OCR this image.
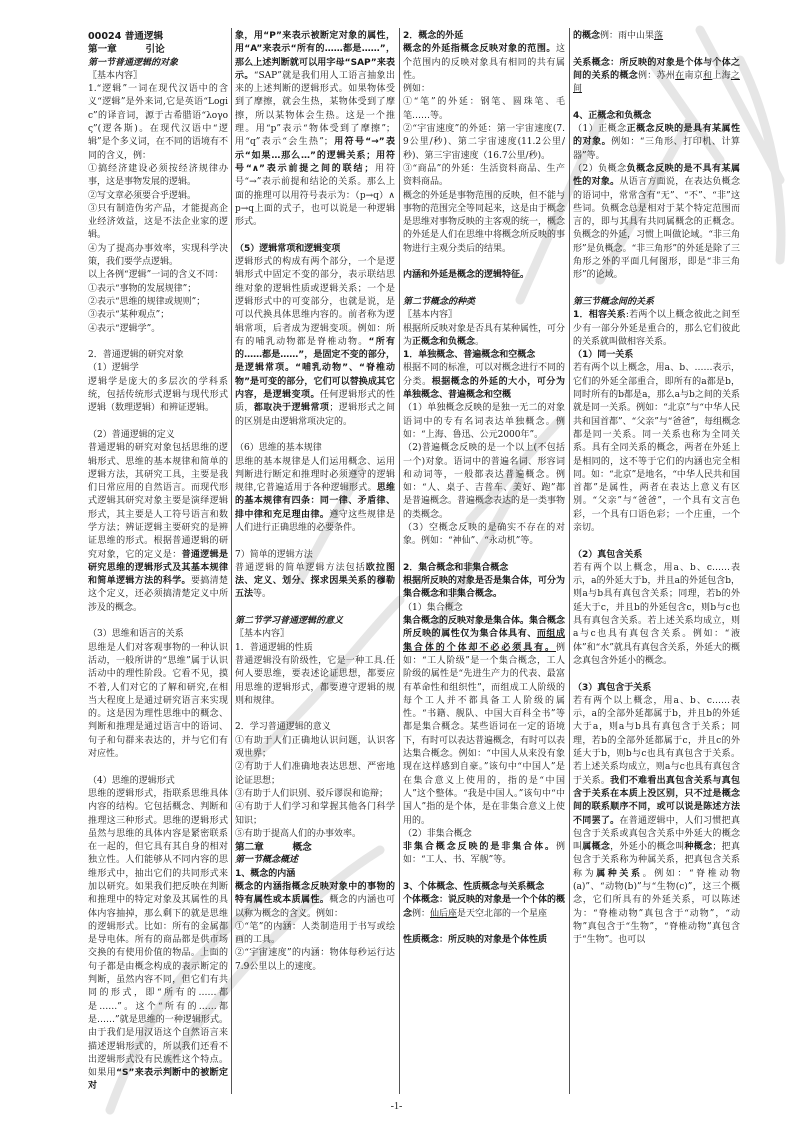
00024 普通逻辑
第一章　　　引论
第一节普通逻辑的对象
〖基本内容〗
1.“逻辑”一词在现代汉语中的含义“逻辑”是外来词,它是英语“Logic”的译音词，源于古希腊语“λογος”(逻各斯)。在现代汉语中“逻辑”是个多义词，在不同的语境有不同的含义，例：
①搞经济建设必须按经济规律办事，这是事物发展的逻辑。
②写文章必须要合乎逻辑。
③只有制造伪劣产品，才能提高企业经济效益，这是不法企业家的逻辑。
④为了提高办事效率，实现科学决策，我们要学点逻辑。
以上各例“逻辑”一词的含义不同：
①表示“事物的发展规律”；
②表示“思维的规律或规则”；
③表示“某种观点”；
④表示“逻辑学”。
2．普通逻辑的研究对象
（1）逻辑学
逻辑学是庞大的多层次的学科系统，包括传统形式逻辑与现代形式逻辑（数理逻辑）和辨证逻辑。
（2）普通逻辑的定义
普通逻辑的研究对象包括思维的逻辑形式、思维的基本规律和简单的逻辑方法，其研究工具，主要是我们日常应用的自然语言。而现代形式逻辑其研究对象主要是演绎逻辑形式，其主要是人工符号语言和数学方法；辨证逻辑主要研究的是辨证思维的形式。根据普通逻辑的研究对象，它的定义是：普通逻辑是研究思维的逻辑形式及其基本规律和简单逻辑方法的科学。要搞清楚这个定义，还必须搞清楚定义中所涉及的概念。
（3）思维和语言的关系
思维是人们对客观事物的一种认识活动，一般所讲的“思维”属于认识活动中的理性阶段。它看不见，摸不着,人们对它的了解和研究,在相当大程度上是通过研究语言来实现的。这是因为理性思维中的概念、判断和推理是通过语言中的语词、句子和句群来表达的，并与它们有对应性。
（4）思维的逻辑形式
思维的逻辑形式，指联系思维具体内容的结构。它包括概念、判断和推理这三种形式。思维的逻辑形式虽然与思维的具体内容是紧密联系在一起的，但它具有其自身的相对独立性。人们能够从不同内容的思维形式中，抽出它们的共同形式来加以研究。如果我们把反映在判断和推理中的特定对象及其属性的具体内容抽掉，那么剩下的就是思维的逻辑形式。比如：所有的金属都是导电体。所有的商品都是供市场交换的有使用价值的物品。上面的句子都是由概念构成的表示断定的判断，虽然内容不同，但它们有共同的形式，即“所有的……都是……”。这个“所有的……都是……”就是思维的一种逻辑形式。由于我们是用汉语这个自然语言来描述逻辑形式的，所以我们还看不出逻辑形式没有民族性这个特点。如果用“S”来表示判断中的被断定对
象，用“P”来表示被断定对象的属性，用“A”来表示“所有的……都是……”，那么上述判断就可以用字母“SAP”来表示。“SAP”就是我们用人工语言抽象出来的上述判断的逻辑形式。如果物体受到了摩擦，就会生热，某物体受到了摩擦，所以某物体会生热。这是一个推理。用“p”表示“物体受到了摩擦”；用“q”表示“会生热”；用符号“→”表示“如果…那么…”的逻辑关系；用符号“∧”表示前提之间的联结；用符号“→”表示前提和结论的关系。那么上面的推理可以用符号表示为：（p→q）∧p→q上面的式子，也可以说是一种逻辑形式。
（5）逻辑常项和逻辑变项
逻辑形式的构成有两个部分，一个是逻辑形式中固定不变的部分，表示联结思维对象的逻辑性质或逻辑关系；一个是逻辑形式中的可变部分，也就是说，是可以代换具体思维内容的。前者称为逻辑常项，后者成为逻辑变项。例如：所有的哺乳动物都是脊椎动物。“所有的……都是……”，是固定不变的部分，是逻辑常项。“哺乳动物”、“脊椎动物”是可变的部分，它们可以替换成其它内容，是逻辑变项。任何逻辑形式的性质，都取决于逻辑常项；逻辑形式之间的区别是由逻辑常项决定的。
（6）思维的基本规律
思维的基本规律是人们运用概念、运用判断进行断定和推理时必须遵守的逻辑规律,它普遍适用于各种逻辑形式。思维的基本规律有四条：同一律、矛盾律、排中律和充足理由律。遵守这些规律是人们进行正确思维的必要条件。
7）简单的逻辑方法
普通逻辑的简单逻辑方法包括欧拉图法、定义、划分、探求因果关系的穆勒五法等。
第二节学习普通逻辑的意义
〖基本内容〗
1．普通逻辑的性质
普通逻辑没有阶级性，它是一种工具.任何人要思维，要表述论证思想，都要应用思维的逻辑形式，都要遵守逻辑的规则和规律。
2．学习普通逻辑的意义
①有助于人们正确地认识问题，认识客观世界；
②有助于人们准确地表达思想、严密地论证思想；
③有助于人们识别、驳斥谬误和诡辩；
④有助于人们学习和掌握其他各门科学知识；
⑤有助于提高人们的办事效率。
第二章　　　概念
第一节概念概述
1、概念的内涵
概念的内涵指概念反映对象中的事物的特有属性或本质属性。概念的内涵也可以称为概念的含义。例如：
①“笔”的内涵：人类制造用于书写或绘画的工具。
②“宇宙速度”的内涵：物体每秒运行达7.9公里以上的速度。
2．概念的外延
概念的外延指概念反映对象的范围。这个范围内的反映对象具有相同的共有属性。
例如：
①“笔”的外延：钢笔、圆珠笔、毛笔……等。
②“宇宙速度”的外延：第一宇宙速度(7.9公里/秒)、第二宇宙速度(11.2公里/秒)、第三宇宙速度（16.7公里/秒)。
③“商品”的外延：生活资料商品、生产资料商品。
概念的外延是事物范围的反映，但不能与事物的范围完全等同起来，这是由于概念是思维对事物反映的主客观的统一，概念的外延是人们在思维中将概念所反映的事物进行主观分类后的结果。
内涵和外延是概念的逻辑特征。
第二节概念的种类
〖基本内容〗
根据所反映对象是否具有某种属性，可分为正概念和负概念。
1．单独概念、普遍概念和空概念
根据不同的标准，可以对概念进行不同的分类。根据概念的外延的大小，可分为单独概念、普遍概念和空概
（1）单独概念反映的是独一无二的对象语词中的专有名词表达单独概念。例如：“上海、鲁迅、公元2000年”。
（2)普遍概念反映的是一个以上(不包括一个)对象。语词中的普遍名词、形容词和动词等，一般都表达普遍概念。例如：“人、桌子、吉普车、美好、跑”都是普遍概念。普遍概念表达的是一类事物的类概念。
（3）空概念反映的是确实不存在的对象。例如：“神仙”、“永动机”等。
2．集合概念和非集合概念
根据所反映的对象是否是集合体，可分为集合概念和非集合概念。
（1）集合概念
集合概念的反映对象是集合体。集合概念所反映的属性仅为集合体具有、而组成集合体的个体却不必必须具有。例如：“工人阶级”是一个集合概念，工人阶级的属性是“先进生产力的代表、最富有革命性和组织性”，而组成工人阶级的每个工人并不都具备工人阶级的属性。“书籍、舰队、中国大百科全书”等都是集合概念。某些语词在一定的语境下，有时可以表达普遍概念，有时可以表达集合概念。例如：“中国人从来没有象现在这样感到自豪。”该句中“中国人”是在集合意义上使用的，指的是“中国人”这个整体。“我是中国人。”该句中“中国人”指的是个体，是在非集合意义上使用的。
（2）非集合概念
非集合概念反映的是非集合体。例如：“工人、书、军舰”等。
3、个体概念、性质概念与关系概念
个体概念：说反映的对象是一个个体的概念例：仙后座是天空北部的一个星座
性质概念：所反映的对象是个体性质
的概念例：雨中山果落
关系概念：所反映的对象是个体与个体之间的关系的概念例：苏州在南京和上海之间
4、正概念和负概念
（1）正概念正概念反映的是具有某属性的对象。例如：“三角形、打印机、计算器”等。
（2）负概念负概念反映的是不具有某属性的对象。从语言方面说，在表达负概念的语词中，常常含有“无”、“不”、“非”这些词。负概念总是相对于某个特定范围而言的，即与其具有共同属概念的正概念。负概念的外延，习惯上叫做论域。“非三角形”是负概念。“非三角形”的外延是除了三角形之外的平面几何图形，即是“非三角形”的论域。
第三节概念间的关系
1．相容关系:若两个以上概念彼此之间至少有一部分外延是重合的，那么它们彼此的关系就叫做相容关系。
（1）同一关系
若有两个以上概念，用a、b、……表示，它们的外延全部重合，即所有的a都是b，同时所有的b都是a，那么a与b之间的关系就是同一关系。例如：“北京”与“中华人民共和国首都”、“父亲”与“爸爸”，每组概念都是同一关系。同一关系也称为全同关系。具有全同关系的概念，两者在外延上是相同的，这不等于它们的内涵也完全相同。如：“北京”是地名，“中华人民共和国首都”是属性，两者在表达上意义有区别。“父亲”与“爸爸”，一个具有文言色彩，一个具有口语色彩；一个庄重，一个亲切。
（2）真包含关系
若有两个以上概念，用a、b、c……表示，a的外延大于b，并且a的外延包含b，则a与b具有真包含关系；同理，若b的外延大于c，并且b的外延包含c，则b与c也具有真包含关系。若上述关系均成立，则a与c也具有真包含关系。例如：“液体”和“水”就具有真包含关系，外延大的概念真包含外延小的概念。
（3）真包含于关系
若有两个以上概念，用a、b、c……表示，a的全部外延都属于b，并且b的外延大于a，则a与b具有真包含于关系；同理，若b的全部外延都属于c，并且c的外延大于b，则b与c也具有真包含于关系。若上述关系均成立，则a与c也具有真包含于关系。我们不难看出真包含关系与真包含于关系在本质上没区别，只不过是概念间的联系顺序不同，或可以说是陈述方法不同罢了。在普通逻辑中，人们习惯把真包含于关系或真包含关系中外延大的概念叫属概念，外延小的概念叫种概念；把真包含于关系称为种属关系，把真包含关系称为属种关系。例如：“脊椎动物(a)”、“动物(b)”与“生物(c)”，这三个概念，它们所具有的外延关系，可以陈述为：“脊椎动物”真包含于“动物”，“动物”真包含于“生物”，“脊椎动物”真包含于“生物”。也可以
-1-
